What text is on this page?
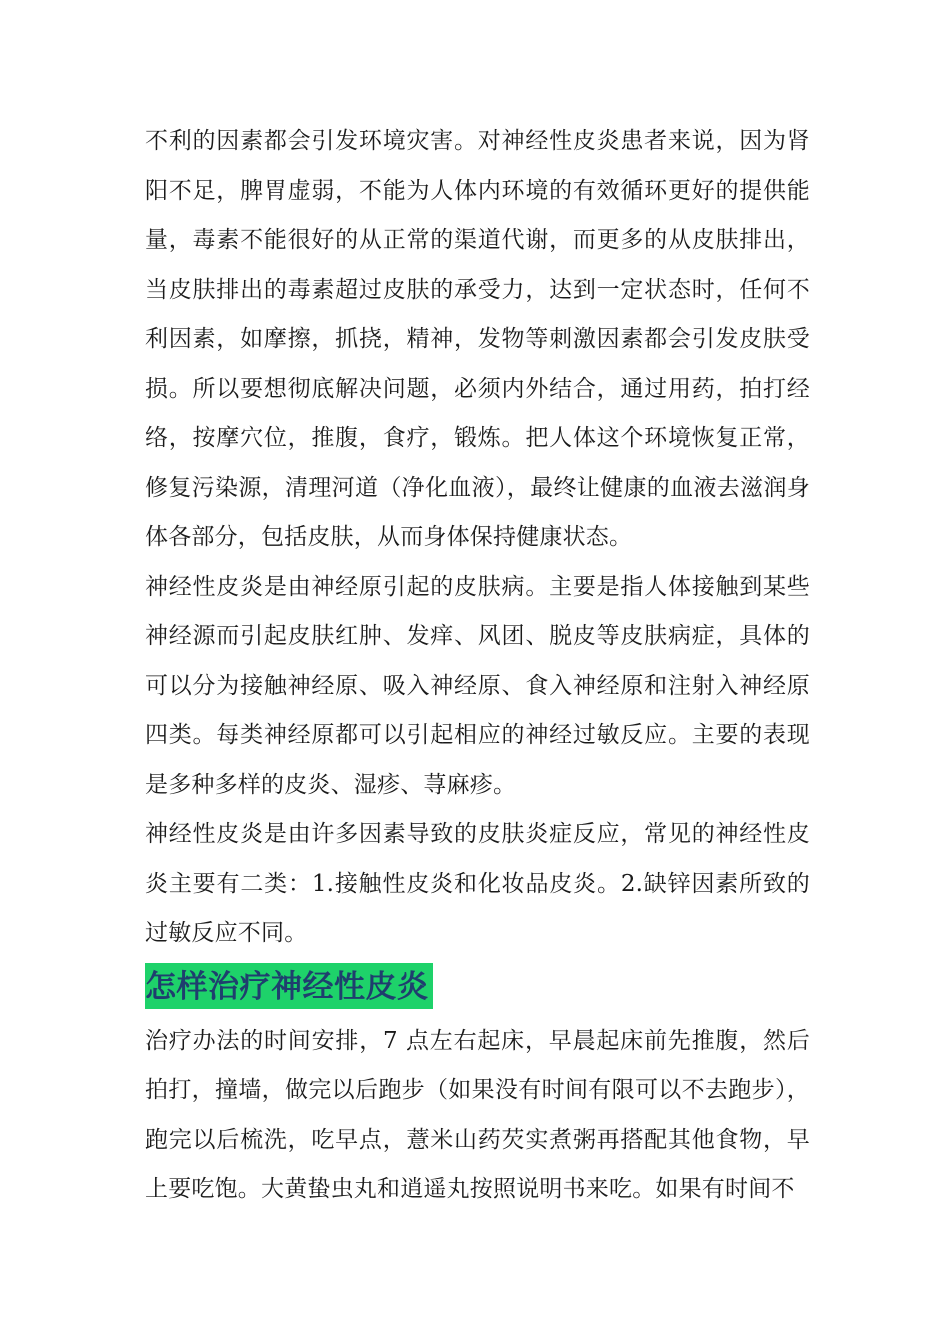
不利的因素都会引发环境灾害。对神经性皮炎患者来说，因为肾阳不足，脾胃虚弱，不能为人体内环境的有效循环更好的提供能量，毒素不能很好的从正常的渠道代谢，而更多的从皮肤排出，当皮肤排出的毒素超过皮肤的承受力，达到一定状态时，任何不利因素，如摩擦，抓挠，精神，发物等刺激因素都会引发皮肤受损。所以要想彻底解决问题，必须内外结合，通过用药，拍打经络，按摩穴位，推腹，食疗，锻炼。把人体这个环境恢复正常，修复污染源，清理河道（净化血液），最终让健康的血液去滋润身体各部分，包括皮肤，从而身体保持健康状态。

神经性皮炎是由神经原引起的皮肤病。主要是指人体接触到某些神经源而引起皮肤红肿、发痒、风团、脱皮等皮肤病症，具体的可以分为接触神经原、吸入神经原、食入神经原和注射入神经原四类。每类神经原都可以引起相应的神经过敏反应。主要的表现是多种多样的皮炎、湿疹、荨麻疹。

神经性皮炎是由许多因素导致的皮肤炎症反应，常见的神经性皮炎主要有二类：1.接触性皮炎和化妆品皮炎。2.缺锌因素所致的过敏反应不同。

怎样治疗神经性皮炎

治疗办法的时间安排，7 点左右起床，早晨起床前先推腹，然后拍打，撞墙，做完以后跑步（如果没有时间有限可以不去跑步），跑完以后梳洗，吃早点，薏米山药芡实煮粥再搭配其他食物，早上要吃饱。大黄蛰虫丸和逍遥丸按照说明书来吃。如果有时间不
